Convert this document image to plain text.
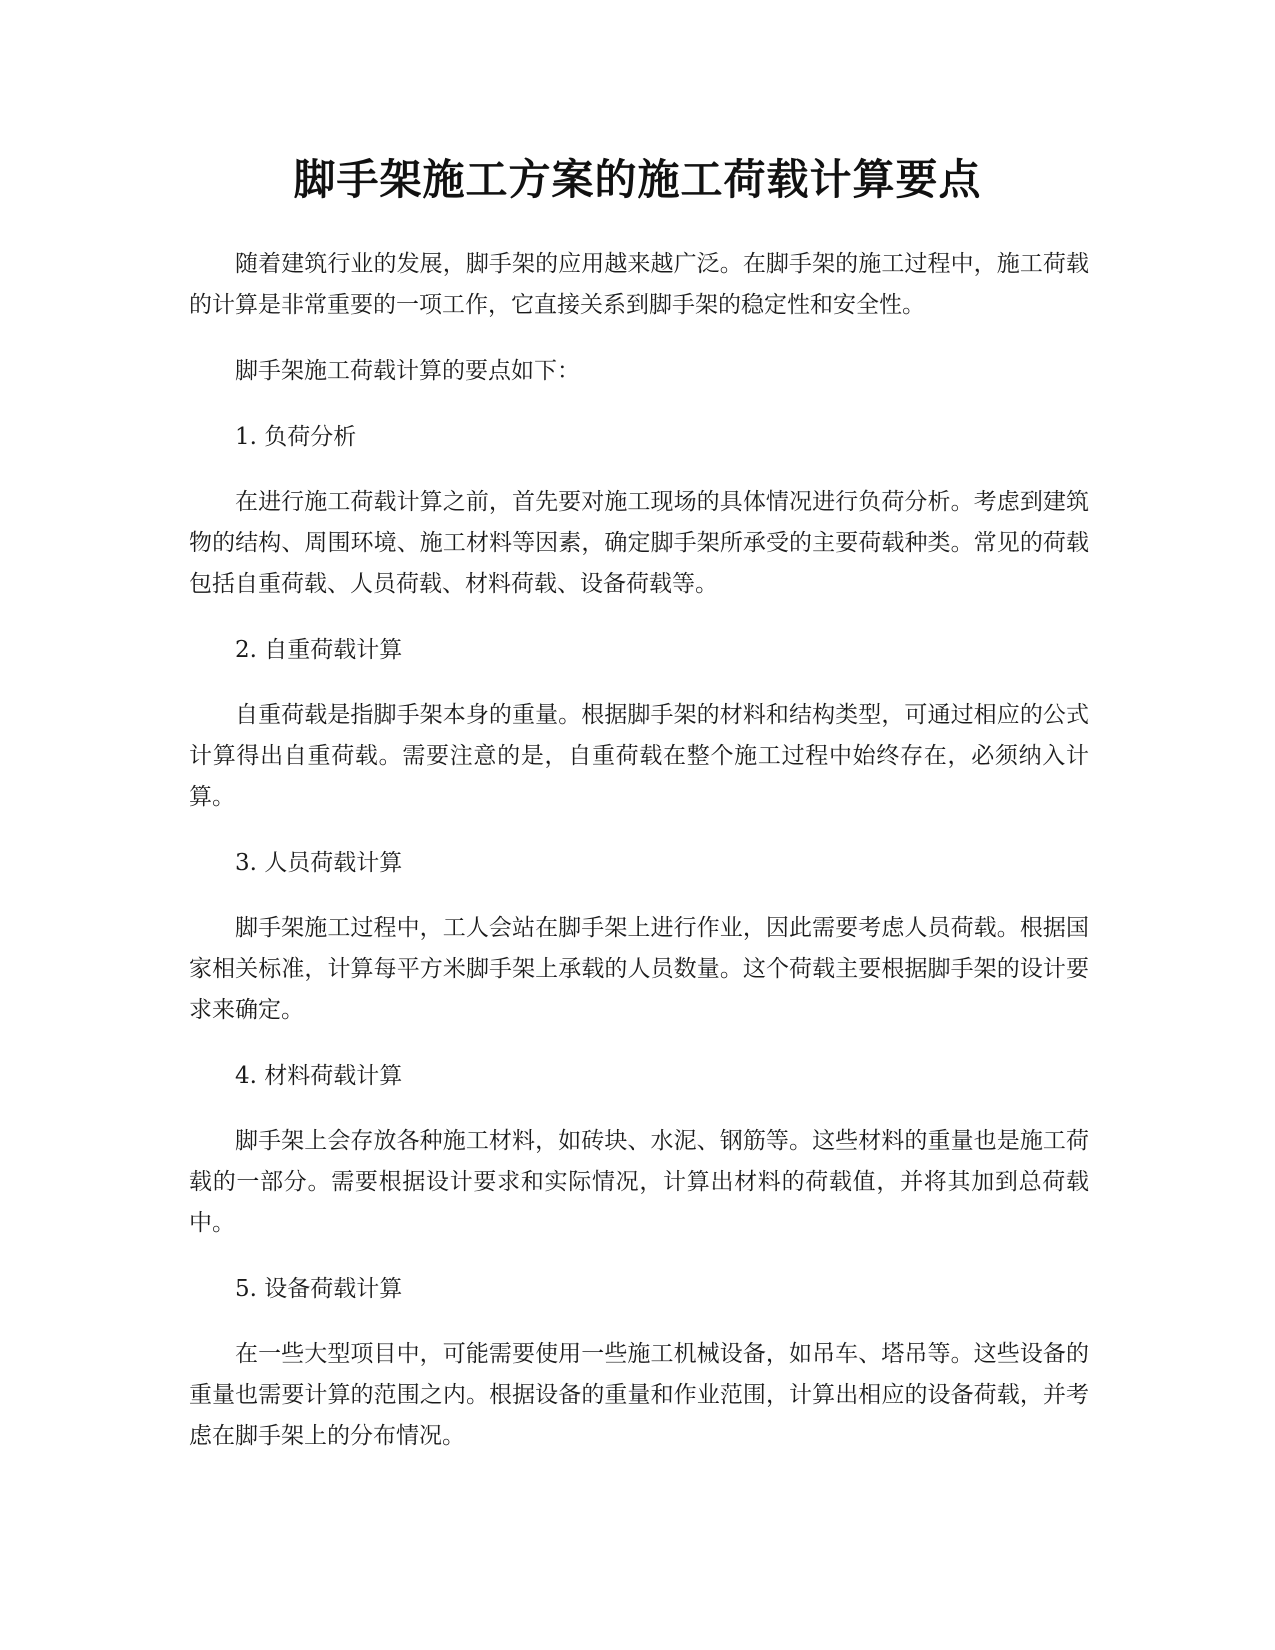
脚手架施工方案的施工荷载计算要点

随着建筑行业的发展，脚手架的应用越来越广泛。在脚手架的施工过程中，施工荷载的计算是非常重要的一项工作，它直接关系到脚手架的稳定性和安全性。

脚手架施工荷载计算的要点如下：

1. 负荷分析

在进行施工荷载计算之前，首先要对施工现场的具体情况进行负荷分析。考虑到建筑物的结构、周围环境、施工材料等因素，确定脚手架所承受的主要荷载种类。常见的荷载包括自重荷载、人员荷载、材料荷载、设备荷载等。

2. 自重荷载计算

自重荷载是指脚手架本身的重量。根据脚手架的材料和结构类型，可通过相应的公式计算得出自重荷载。需要注意的是，自重荷载在整个施工过程中始终存在，必须纳入计算。

3. 人员荷载计算

脚手架施工过程中，工人会站在脚手架上进行作业，因此需要考虑人员荷载。根据国家相关标准，计算每平方米脚手架上承载的人员数量。这个荷载主要根据脚手架的设计要求来确定。

4. 材料荷载计算

脚手架上会存放各种施工材料，如砖块、水泥、钢筋等。这些材料的重量也是施工荷载的一部分。需要根据设计要求和实际情况，计算出材料的荷载值，并将其加到总荷载中。

5. 设备荷载计算

在一些大型项目中，可能需要使用一些施工机械设备，如吊车、塔吊等。这些设备的重量也需要计算的范围之内。根据设备的重量和作业范围，计算出相应的设备荷载，并考虑在脚手架上的分布情况。
